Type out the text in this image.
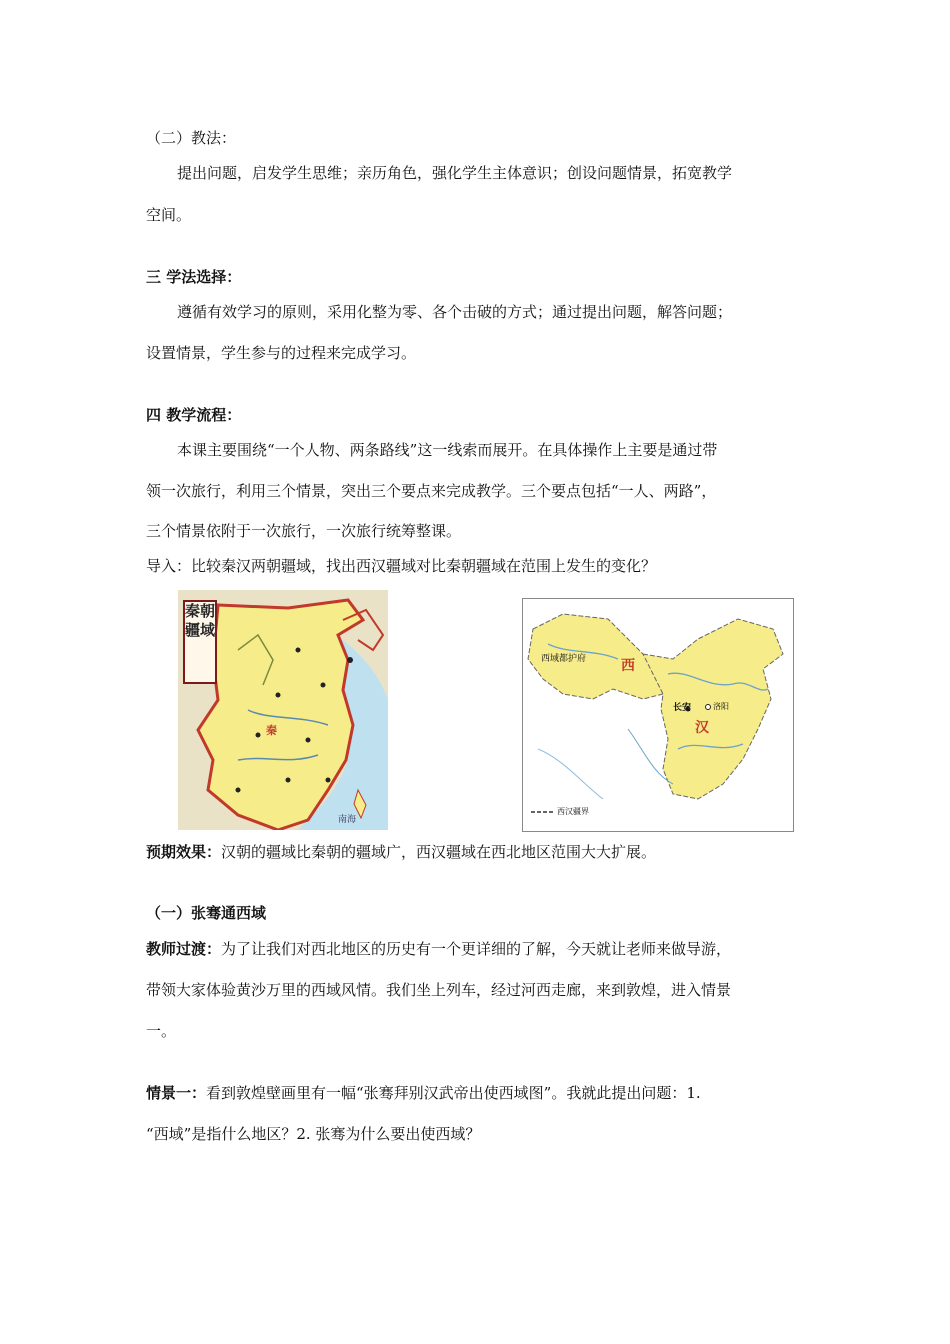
（二）教法：
提出问题，启发学生思维；亲历角色，强化学生主体意识；创设问题情景，拓宽教学
空间。
三 学法选择：
遵循有效学习的原则，采用化整为零、各个击破的方式；通过提出问题，解答问题；
设置情景，学生参与的过程来完成学习。
四 教学流程：
本课主要围绕“一个人物、两条路线”这一线索而展开。在具体操作上主要是通过带
领一次旅行，利用三个情景，突出三个要点来完成教学。三个要点包括“一人、两路”，
三个情景依附于一次旅行，一次旅行统筹整课。
导入：比较秦汉两朝疆域，找出西汉疆域对比秦朝疆域在范围上发生的变化？
秦朝疆域
秦
南海
西
汉
长安	洛阳
西域都护府
西汉疆界
预期效果：汉朝的疆域比秦朝的疆域广，西汉疆域在西北地区范围大大扩展。
（一）张骞通西域
教师过渡：为了让我们对西北地区的历史有一个更详细的了解，今天就让老师来做导游，
带领大家体验黄沙万里的西域风情。我们坐上列车，经过河西走廊，来到敦煌，进入情景
一。
情景一：看到敦煌壁画里有一幅“张骞拜别汉武帝出使西域图”。我就此提出问题：1.
“西域”是指什么地区？2. 张骞为什么要出使西域？
